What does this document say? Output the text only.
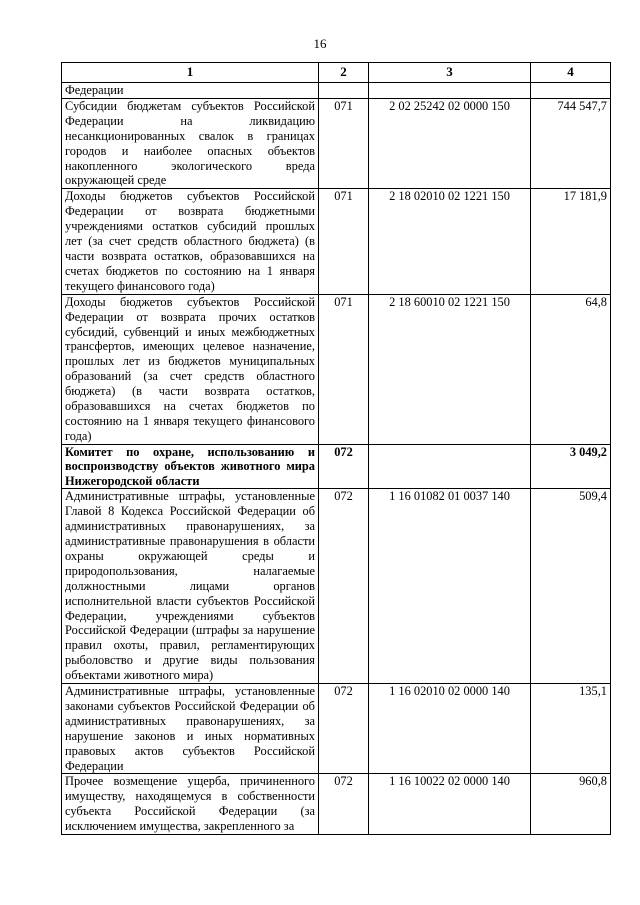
16
1	2	3	4
Федерации			
Субсидии бюджетам субъектов Российской Федерации на ликвидацию несанкционированных свалок в границах городов и наиболее опасных объектов накопленного экологического вреда окружающей среде	071	2 02 25242 02 0000 150	744 547,7
Доходы бюджетов субъектов Российской Федерации от возврата бюджетными учреждениями остатков субсидий прошлых лет (за счет средств областного бюджета) (в части возврата остатков, образовавшихся на счетах бюджетов по состоянию на 1 января текущего финансового года)	071	2 18 02010 02 1221 150	17 181,9
Доходы бюджетов субъектов Российской Федерации от возврата прочих остатков субсидий, субвенций и иных межбюджетных трансфертов, имеющих целевое назначение, прошлых лет из бюджетов муниципальных образований (за счет средств областного бюджета) (в части возврата остатков, образовавшихся на счетах бюджетов по состоянию на 1 января текущего финансового года)	071	2 18 60010 02 1221 150	64,8
Комитет по охране, использованию и воспроизводству объектов животного мира Нижегородской области	072		3 049,2
Административные штрафы, установленные Главой 8 Кодекса Российской Федерации об административных правонарушениях, за административные правонарушения в области охраны окружающей среды и природопользования, налагаемые должностными лицами органов исполнительной власти субъектов Российской Федерации, учреждениями субъектов Российской Федерации (штрафы за нарушение правил охоты, правил, регламентирующих рыболовство и другие виды пользования объектами животного мира)	072	1 16 01082 01 0037 140	509,4
Административные штрафы, установленные законами субъектов Российской Федерации об административных правонарушениях, за нарушение законов и иных нормативных правовых актов субъектов Российской Федерации	072	1 16 02010 02 0000 140	135,1
Прочее возмещение ущерба, причиненного имуществу, находящемуся в собственности субъекта Российской Федерации (за исключением имущества, закрепленного за	072	1 16 10022 02 0000 140	960,8
